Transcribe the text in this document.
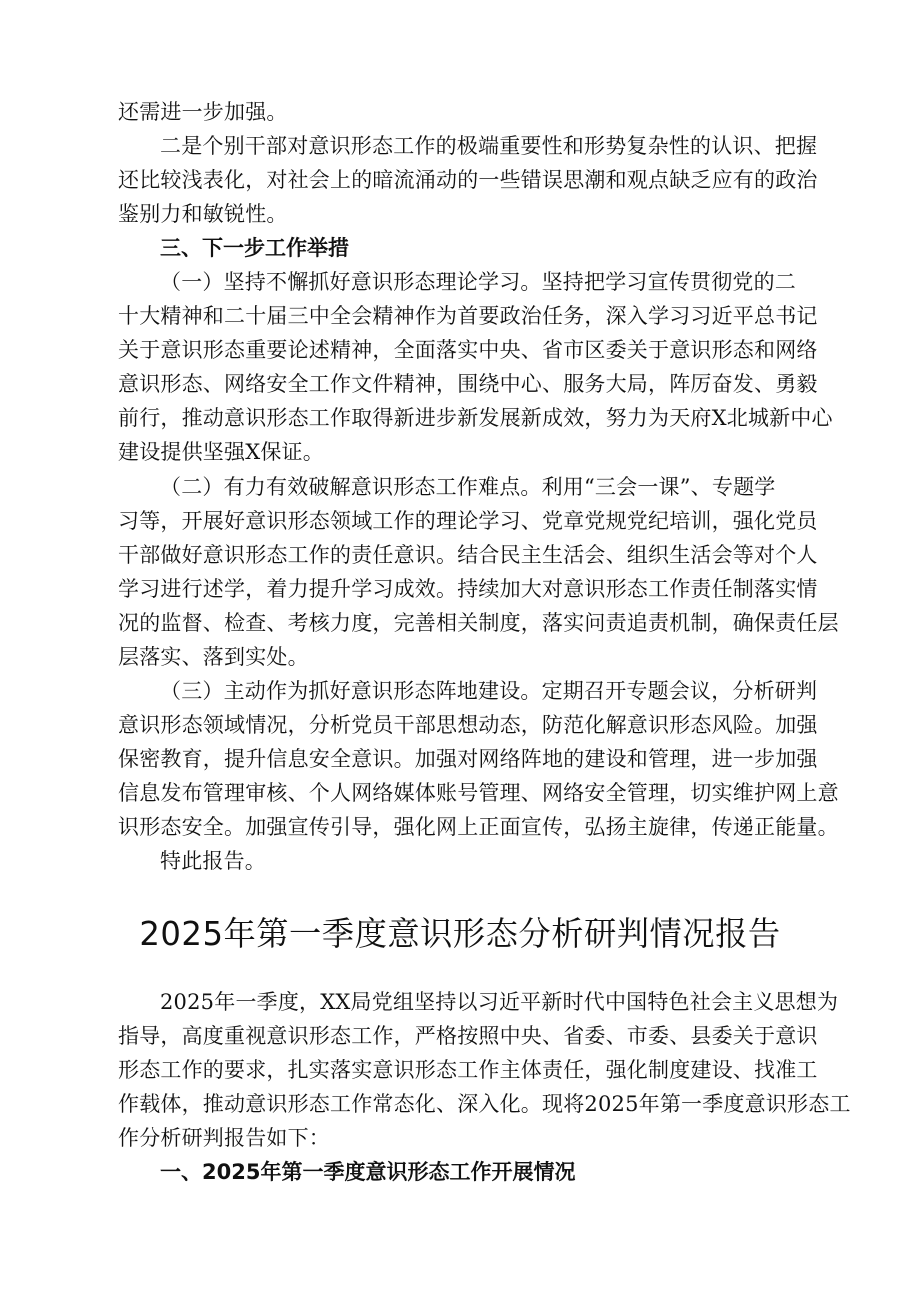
还需进一步加强。
二是个别干部对意识形态工作的极端重要性和形势复杂性的认识、把握
还比较浅表化，对社会上的暗流涌动的一些错误思潮和观点缺乏应有的政治
鉴别力和敏锐性。
三、下一步工作举措
（一）坚持不懈抓好意识形态理论学习。坚持把学习宣传贯彻党的二
十大精神和二十届三中全会精神作为首要政治任务，深入学习习近平总书记
关于意识形态重要论述精神，全面落实中央、省市区委关于意识形态和网络
意识形态、网络安全工作文件精神，围绕中心、服务大局，阵厉奋发、勇毅
前行，推动意识形态工作取得新进步新发展新成效，努力为天府X北城新中心
建设提供坚强X保证。
（二）有力有效破解意识形态工作难点。利用“三会一课”、专题学
习等，开展好意识形态领域工作的理论学习、党章党规党纪培训，强化党员
干部做好意识形态工作的责任意识。结合民主生活会、组织生活会等对个人
学习进行述学，着力提升学习成效。持续加大对意识形态工作责任制落实情
况的监督、检查、考核力度，完善相关制度，落实问责追责机制，确保责任层
层落实、落到实处。
（三）主动作为抓好意识形态阵地建设。定期召开专题会议，分析研判
意识形态领域情况，分析党员干部思想动态，防范化解意识形态风险。加强
保密教育，提升信息安全意识。加强对网络阵地的建设和管理，进一步加强
信息发布管理审核、个人网络媒体账号管理、网络安全管理，切实维护网上意
识形态安全。加强宣传引导，强化网上正面宣传，弘扬主旋律，传递正能量。
特此报告。
2025年第一季度意识形态分析研判情况报告
2025年一季度，XX局党组坚持以习近平新时代中国特色社会主义思想为
指导，高度重视意识形态工作，严格按照中央、省委、市委、县委关于意识
形态工作的要求，扎实落实意识形态工作主体责任，强化制度建设、找准工
作载体，推动意识形态工作常态化、深入化。现将2025年第一季度意识形态工
作分析研判报告如下：
一、2025年第一季度意识形态工作开展情况
